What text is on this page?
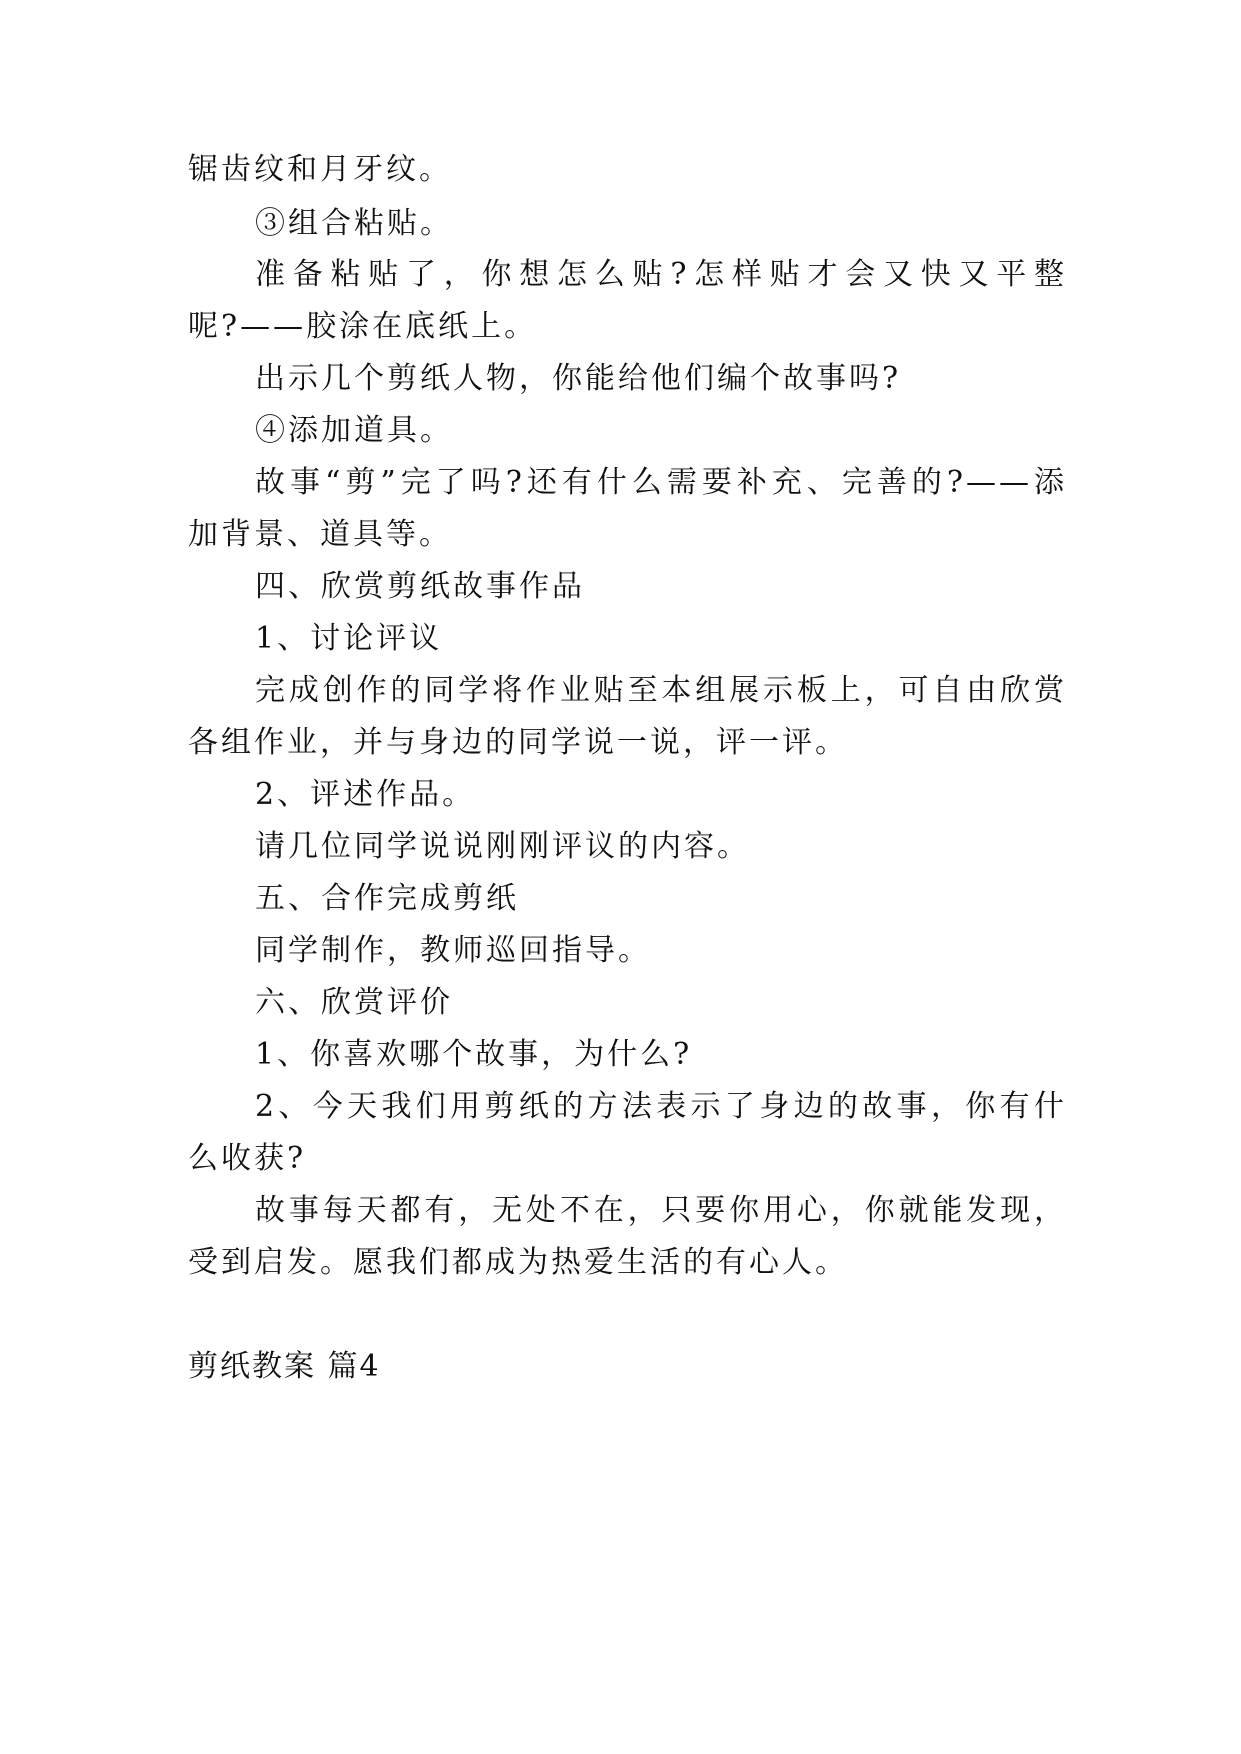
锯齿纹和月牙纹。
③组合粘贴。
准备粘贴了，你想怎么贴?怎样贴才会又快又平整
呢?——胶涂在底纸上。
出示几个剪纸人物，你能给他们编个故事吗?
④添加道具。
故事“剪”完了吗?还有什么需要补充、完善的?——添
加背景、道具等。
四、欣赏剪纸故事作品
1、讨论评议
完成创作的同学将作业贴至本组展示板上，可自由欣赏
各组作业，并与身边的同学说一说，评一评。
2、评述作品。
请几位同学说说刚刚评议的内容。
五、合作完成剪纸
同学制作，教师巡回指导。
六、欣赏评价
1、你喜欢哪个故事，为什么?
2、今天我们用剪纸的方法表示了身边的故事，你有什
么收获?
故事每天都有，无处不在，只要你用心，你就能发现，
受到启发。愿我们都成为热爱生活的有心人。
剪纸教案 篇4
